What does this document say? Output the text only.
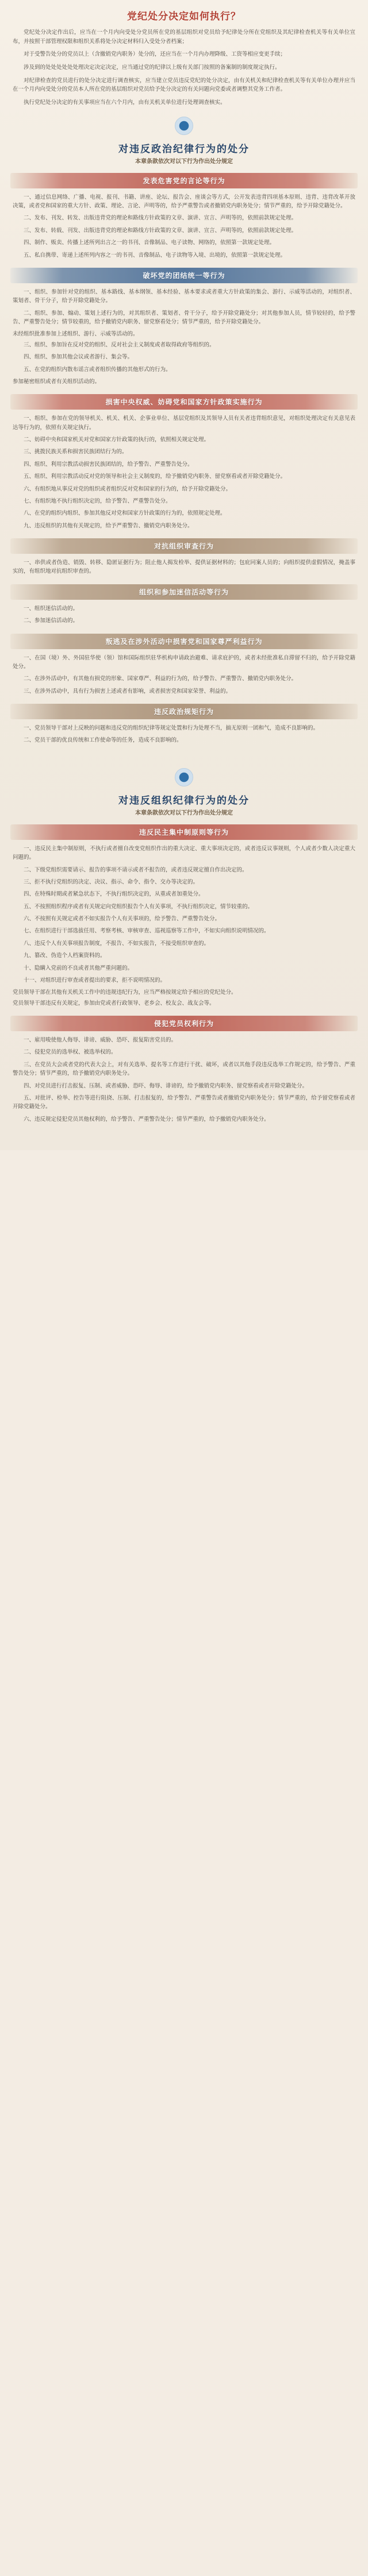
党纪处分决定如何执行？

党纪处分决定作出后，应当在一个月内向受处分党员所在党的基层组织对党员给予纪律处分所在党组织及其纪律检查机关等有关单位宣布，并按照干部管理权限和组织关系将处分决定材料归入受处分者档案；

对于受警告处分的党员以上（含撤销党内职务）处分的，还应当在一个月内办理降级、工资等相应变更手续；

涉及到的处处处处处处理决定决定决定，应当通过党的纪律以上级有关部门按照的备案制的制度规定执行。

对纪律检查的党员进行的处分决定进行调查核实，应当建立党员违反党纪的处分决定，由有关机关和纪律检查机关等有关单位办理并应当在一个月内向受处分的党员本人所在党的基层组织对党员给予处分决定的有关问题向党委或者调整其党务工作者。

执行党纪处分决定的有关事项应当在六个月内，由有关机关单位进行处理调查核实。

对违反政治纪律行为的处分
本章条款依次对以下行为作出处分规定
发表危害党的言论等行为

一、通过信息网络、广播、电视、报刊、书籍、讲座、论坛、报告会、座谈会等方式，公开发表违背四项基本原则、违背、违背改革开放决策，或者党和国家的重大方针、政策、理论、言论、声明等的，给予严重警告或者撤销党内职务处分；情节严重的，给予开除党籍处分。

二、发布、刊发、转发、出版违背党的理论和路线方针政策的文章、演讲、宣言、声明等的，依照前款规定处理。

三、发布、转载、刊发、出版违背党的理论和路线方针政策的文章、演讲、宣言、声明等的，依照前款规定处理。

四、制作、贩卖、传播上述所列出言之一的书刊、音像制品、电子读物、网络的，依照第一款规定处理。

五、私自携带、寄递上述所列内容之一的书刊、音像制品、电子读物等入境、出境的，依照第一款规定处理。

破坏党的团结统一等行为

一、组织、参加针对党的组织、基本路线、基本纲领、基本经验、基本要求或者重大方针政策的集会、游行、示威等活动的，对组织者、策划者、骨干分子，给予开除党籍处分。

二、组织、参加、煽动、策划上述行为的，对其组织者、策划者、骨干分子，给予开除党籍处分；对其他参加人员，情节较轻的，给予警告、严重警告处分；情节较重的，给予撤销党内职务、留党察看处分；情节严重的，给予开除党籍处分。

未经组织批准参加上述组织、游行、示威等活动的。

三、组织、参加旨在反对党的组织、反对社会主义制度或者取得政府等组织的。

四、组织、参加其他会议或者游行、集会等。

五、在党的组织内散布谣言或者组织传播的其他形式的行为。

参加秘密组织或者有关组织活动的。

损害中央权威、妨碍党和国家方针政策实施行为

一、组织、参加在党的领导机关、机关、机关、企事业单位、基层党组织及其领导人员有关者违背组织意见，对组织处理决定有关意见表达等行为的，依照有关规定执行。

二、妨碍中央和国家机关对党和国家方针政策的执行的，依照相关规定处理。

三、挑拨民族关系和损害民族团结行为的。

四、组织、利用宗教活动损害民族团结的，给予警告、严重警告处分。

五、组织、利用宗教活动反对党的领导和社会主义制度的，给予撤销党内职务、留党察看或者开除党籍处分。

六、有组织地从事反对党的组织或者组织反对党和国家的行为的，给予开除党籍处分。

七、有组织地不执行组织决定的，给予警告、严重警告处分。

八、在党的组织内组织、参加其他反对党和国家方针政策的行为的，依照规定处理。

九、违反组织的其他有关规定的，给予严重警告、撤销党内职务处分。

对抗组织审查行为

一、串供或者伪造、销毁、转移、隐匿证据行为；阻止他人揭发检举、提供证据材料的；包庇同案人员的；向组织提供虚假情况，掩盖事实的，有组织地对抗组织审查的。

组织和参加迷信活动等行为

一、组织迷信活动的。

二、参加迷信活动的。

叛逃及在涉外活动中损害党和国家尊严利益行为

一、在国（境）外、外国驻华使（领）馆和国际组织驻华机构申请政治避难、请求庇护的，或者未经批准私自滞留不归的，给予开除党籍处分。

二、在涉外活动中，有其他有损党的形象、国家尊严、利益的行为的，给予警告、严重警告、撤销党内职务处分。

三、在涉外活动中，具有行为损害上述或者有影响，或者损害党和国家荣誉、利益的。

违反政治规矩行为

一、党员领导干部对上反映的问题和违反党的组织纪律等规定处置和行为处理不当，搞无原则一团和气，造成不良影响的。

二、党员干部的优良传统和工作使命等的任务，造成不良影响的。

对违反组织纪律行为的处分
本章条款依次对以下行为作出处分规定
违反民主集中制原则等行为

一、违反民主集中制原则，不执行或者擅自改变党组织作出的重大决定、重大事项决定的，或者违反议事规则，个人或者少数人决定重大问题的。

二、下级党组织需要请示、报告的事项不请示或者不报告的，或者违反规定擅自作出决定的。

三、拒不执行党组织的决定、决议、指示、命令、指令、交办等决定的。

四、在特殊时期或者紧急状态下，不执行组织决定的，从重或者加重处分。

五、不按照组织程序或者有关规定向党组织报告个人有关事项，不执行组织决定，情节较重的。

六、不按照有关规定或者不如实报告个人有关事项的，给予警告、严重警告处分。

七、在组织进行干部选拔任用、考察考核、审核审查、巡视巡察等工作中，不如实向组织说明情况的。

八、违反个人有关事项报告制度，不报告、不如实报告，不接受组织审查的。

九、篡改、伪造个人档案资料的。

十、隐瞒入党前的不良或者其他严重问题的。

十一、对组织进行审查或者提出的要求，拒不说明情况的。

党员领导干部在其他有关机关工作中的违规违纪行为，应当严格按规定给予相应的党纪处分。

党员领导干部违反有关规定，参加由党或者行政领导、老乡会、校友会、战友会等。

侵犯党员权利行为

一、雇用唆使他人侮辱、诽谤、威胁、恐吓、报复陷害党员的。

二、侵犯党员的选举权、被选举权的。

三、在党员大会或者党的代表大会上，对有关选举、提名等工作进行干扰、破坏，或者以其他手段违反选举工作规定的，给予警告、严重警告处分；情节严重的，给予撤销党内职务处分。

四、对党员进行打击报复、压制、或者威胁、恐吓、侮辱、诽谤的，给予撤销党内职务、留党察看或者开除党籍处分。

五、对批评、检举、控告等进行阻挠、压制、打击报复的，给予警告、严重警告或者撤销党内职务处分；情节严重的，给予留党察看或者开除党籍处分。

六、违反规定侵犯党员其他权利的，给予警告、严重警告处分；情节严重的，给予撤销党内职务处分。
